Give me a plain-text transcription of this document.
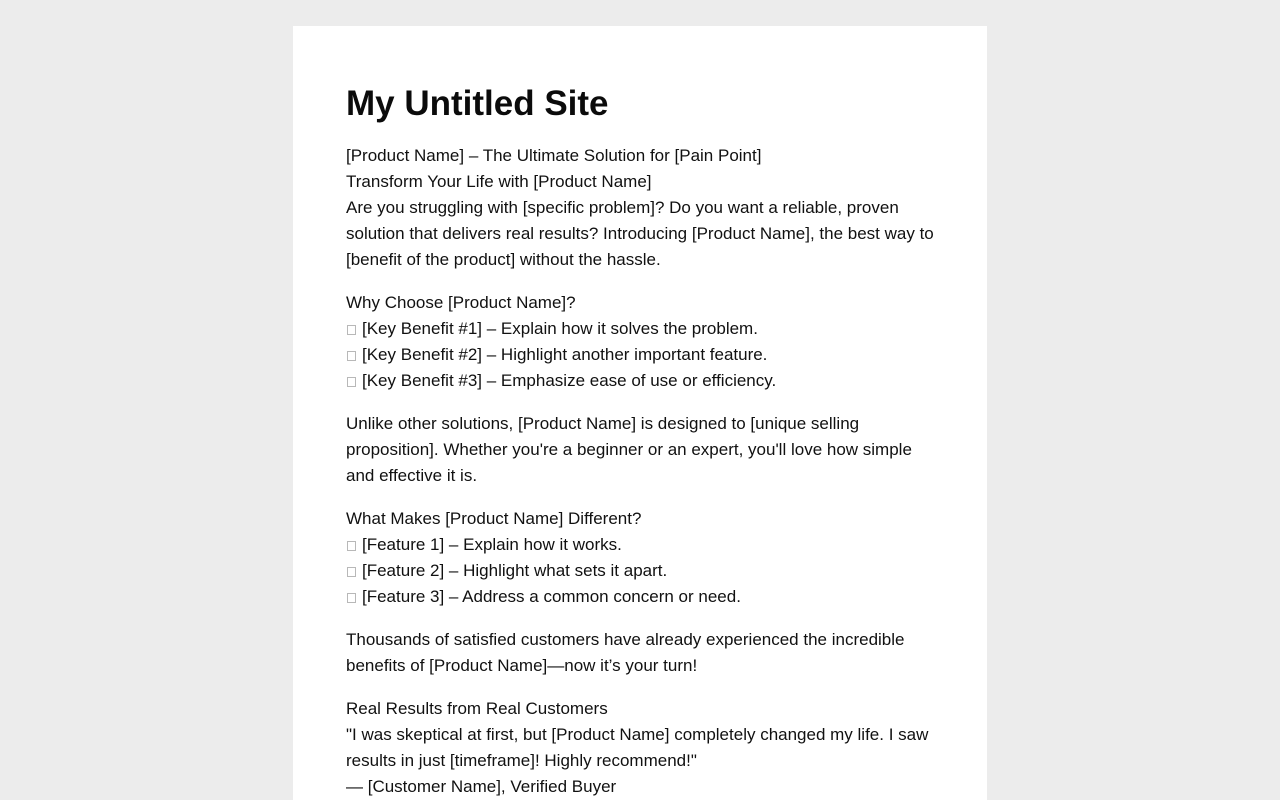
My Untitled Site
[Product Name] – The Ultimate Solution for [Pain Point]
Transform Your Life with [Product Name]
Are you struggling with [specific problem]? Do you want a reliable, proven solution that delivers real results? Introducing [Product Name], the best way to [benefit of the product] without the hassle.
Why Choose [Product Name]?
[Key Benefit #1] – Explain how it solves the problem.
[Key Benefit #2] – Highlight another important feature.
[Key Benefit #3] – Emphasize ease of use or efficiency.
Unlike other solutions, [Product Name] is designed to [unique selling proposition]. Whether you're a beginner or an expert, you'll love how simple and effective it is.
What Makes [Product Name] Different?
[Feature 1] – Explain how it works.
[Feature 2] – Highlight what sets it apart.
[Feature 3] – Address a common concern or need.
Thousands of satisfied customers have already experienced the incredible benefits of [Product Name]—now it’s your turn!
Real Results from Real Customers
"I was skeptical at first, but [Product Name] completely changed my life. I saw results in just [timeframe]! Highly recommend!"
— [Customer Name], Verified Buyer
